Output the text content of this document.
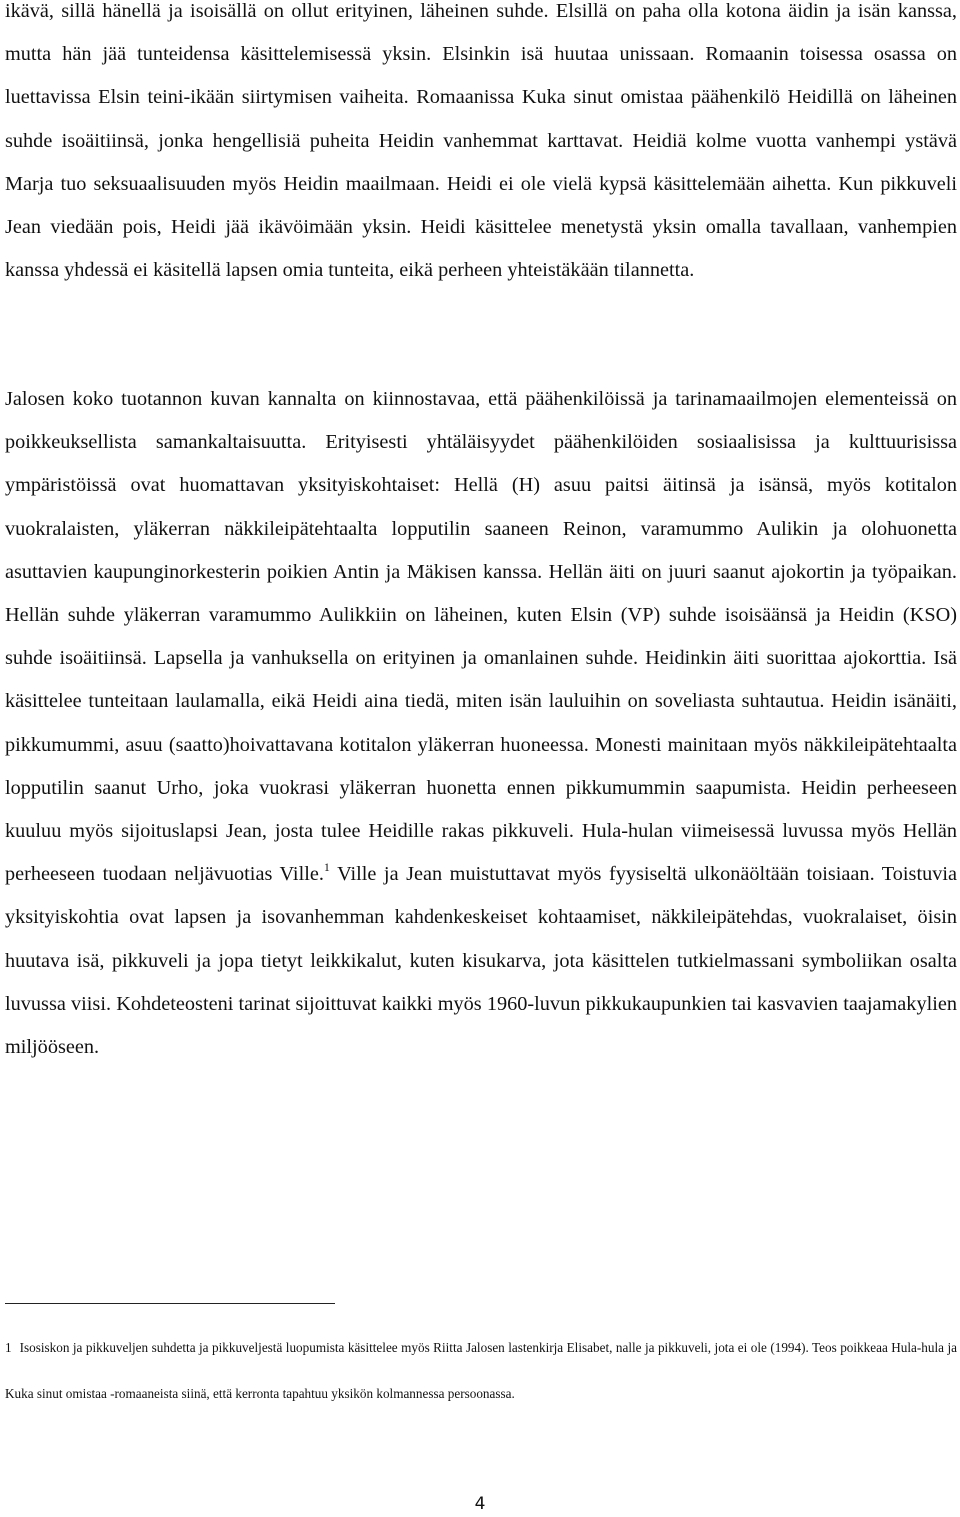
ikävä, sillä hänellä ja isoisällä on ollut erityinen, läheinen suhde. Elsillä on paha olla kotona äidin ja isän kanssa, mutta hän jää tunteidensa käsittelemisessä yksin. Elsinkin isä huutaa unissaan. Romaanin toisessa osassa on luettavissa Elsin teini-ikään siirtymisen vaiheita. Romaanissa Kuka sinut omistaa päähenkilö Heidillä on läheinen suhde isoäitiinsä, jonka hengellisiä puheita Heidin vanhemmat karttavat. Heidiä kolme vuotta vanhempi ystävä Marja tuo seksuaalisuuden myös Heidin maailmaan. Heidi ei ole vielä kypsä käsittelemään aihetta. Kun pikkuveli Jean viedään pois, Heidi jää ikävöimään yksin. Heidi käsittelee menetystä yksin omalla tavallaan, vanhempien kanssa yhdessä ei käsitellä lapsen omia tunteita, eikä perheen yhteistäkään tilannetta.

Jalosen koko tuotannon kuvan kannalta on kiinnostavaa, että päähenkilöissä ja tarinamaailmojen elementeissä on poikkeuksellista samankaltaisuutta. Erityisesti yhtäläisyydet päähenkilöiden sosiaalisissa ja kulttuurisissa ympäristöissä ovat huomattavan yksityiskohtaiset: Hellä (H) asuu paitsi äitinsä ja isänsä, myös kotitalon vuokralaisten, yläkerran näkkileipätehtaalta lopputilin saaneen Reinon, varamummo Aulikin ja olohuonetta asuttavien kaupunginorkesterin poikien Antin ja Mäkisen kanssa. Hellän äiti on juuri saanut ajokortin ja työpaikan. Hellän suhde yläkerran varamummo Aulikkiin on läheinen, kuten Elsin (VP) suhde isoisäänsä ja Heidin (KSO) suhde isoäitiinsä. Lapsella ja vanhuksella on erityinen ja omanlainen suhde. Heidinkin äiti suorittaa ajokorttia. Isä käsittelee tunteitaan laulamalla, eikä Heidi aina tiedä, miten isän lauluihin on soveliasta suhtautua. Heidin isänäiti, pikkumummi, asuu (saatto)hoivattavana kotitalon yläkerran huoneessa. Monesti mainitaan myös näkkileipätehtaalta lopputilin saanut Urho, joka vuokrasi yläkerran huonetta ennen pikkumummin saapumista. Heidin perheeseen kuuluu myös sijoituslapsi Jean, josta tulee Heidille rakas pikkuveli. Hula-hulan viimeisessä luvussa myös Hellän perheeseen tuodaan neljävuotias Ville.$^1$ Ville ja Jean muistuttavat myös fyysiseltä ulkonäöltään toisiaan. Toistuvia yksityiskohtia ovat lapsen ja isovanhemman kahdenkeskeiset kohtaamiset, näkkileipätehdas, vuokralaiset, öisin huutava isä, pikkuveli ja jopa tietyt leikkikalut, kuten kisukarva, jota käsittelen tutkielmassani symboliikan osalta luvussa viisi. Kohdeteosteni tarinat sijoittuvat kaikki myös 1960-luvun pikkukaupunkien tai kasvavien taajamakylien miljööseen.

1 Isosiskon ja pikkuveljen suhdetta ja pikkuveljestä luopumista käsittelee myös Riitta Jalosen lastenkirja Elisabet, nalle ja pikkuveli, jota ei ole (1994). Teos poikkeaa Hula-hula ja Kuka sinut omistaa -romaaneista siinä, että kerronta tapahtuu yksikön kolmannessa persoonassa.

4
